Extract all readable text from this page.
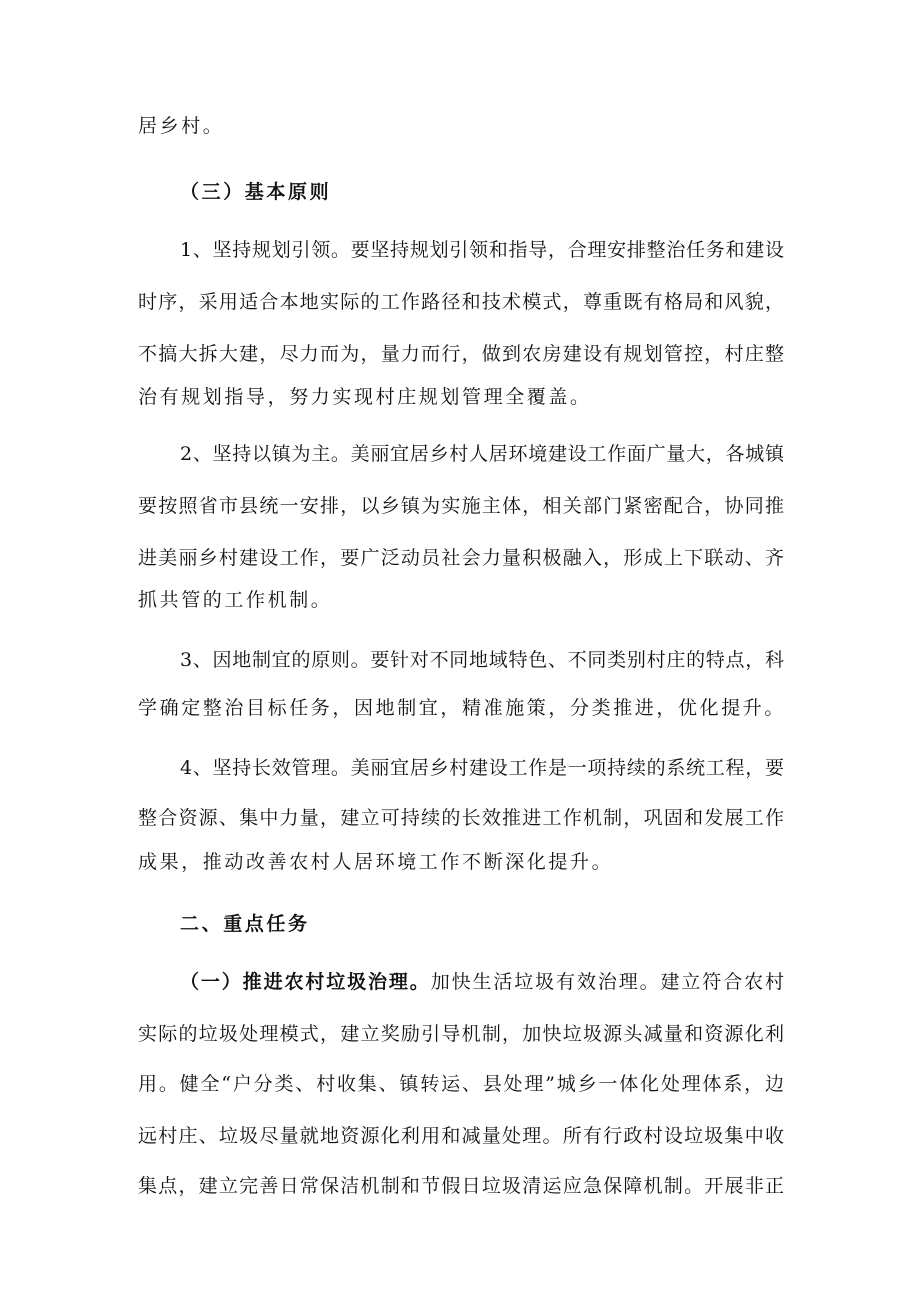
居乡村。
（三）基本原则
1、坚持规划引领。要坚持规划引领和指导，合理安排整治任务和建设
时序，采用适合本地实际的工作路径和技术模式，尊重既有格局和风貌，
不搞大拆大建，尽力而为，量力而行，做到农房建设有规划管控，村庄整
治有规划指导，努力实现村庄规划管理全覆盖。
2、坚持以镇为主。美丽宜居乡村人居环境建设工作面广量大，各城镇
要按照省市县统一安排，以乡镇为实施主体，相关部门紧密配合，协同推
进美丽乡村建设工作，要广泛动员社会力量积极融入，形成上下联动、齐
抓共管的工作机制。
3、因地制宜的原则。要针对不同地域特色、不同类别村庄的特点，科
学确定整治目标任务，因地制宜，精准施策，分类推进，优化提升。
4、坚持长效管理。美丽宜居乡村建设工作是一项持续的系统工程，要
整合资源、集中力量，建立可持续的长效推进工作机制，巩固和发展工作
成果，推动改善农村人居环境工作不断深化提升。
二、重点任务
（一）推进农村垃圾治理。加快生活垃圾有效治理。建立符合农村
实际的垃圾处理模式，建立奖励引导机制，加快垃圾源头减量和资源化利
用。健全“户分类、村收集、镇转运、县处理”城乡一体化处理体系，边
远村庄、垃圾尽量就地资源化利用和减量处理。所有行政村设垃圾集中收
集点，建立完善日常保洁机制和节假日垃圾清运应急保障机制。开展非正
